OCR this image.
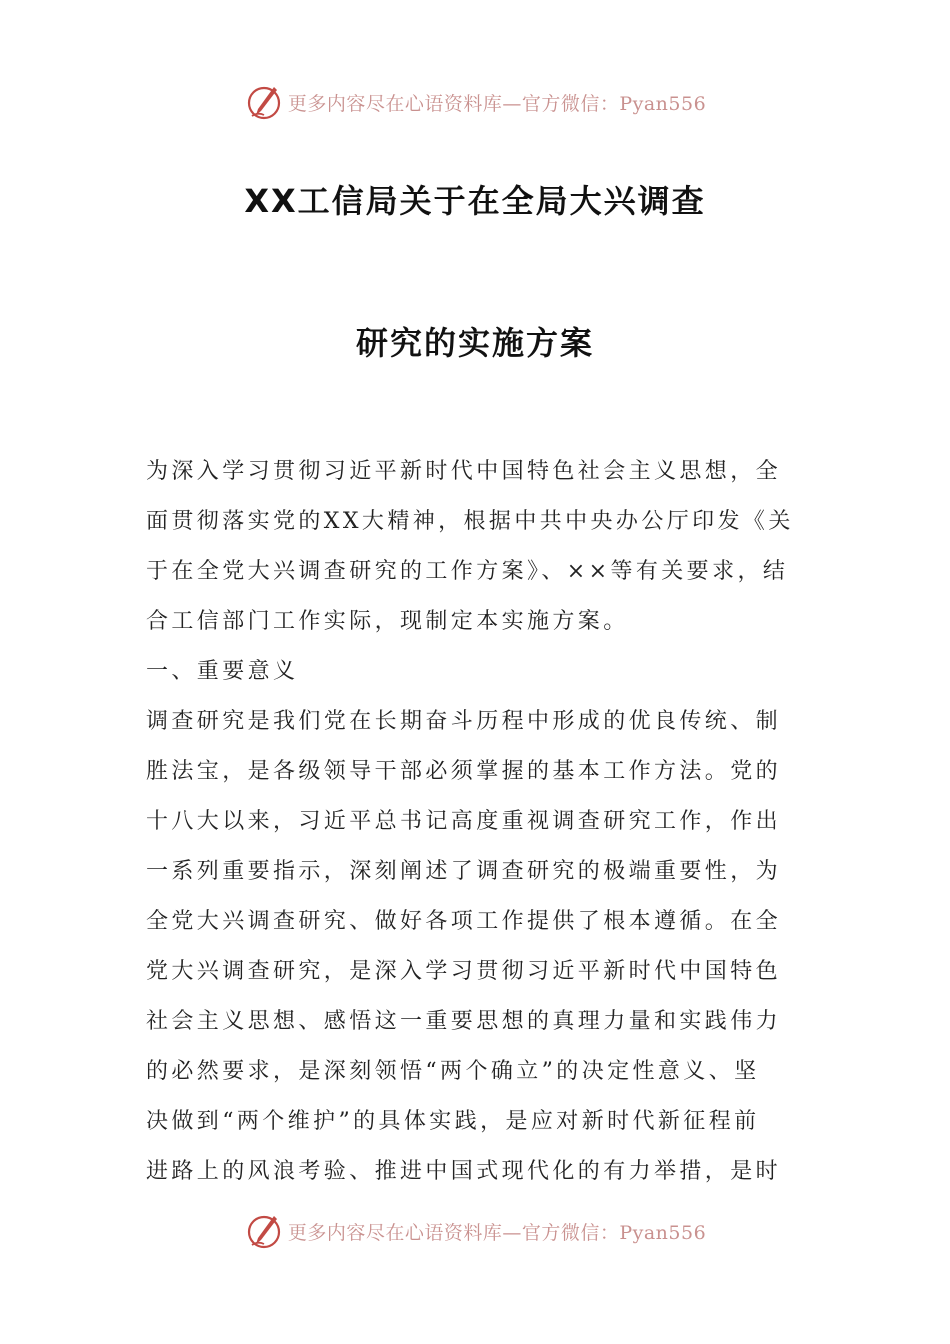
更多内容尽在心语资料库—官方微信：Pyan556
XX工信局关于在全局大兴调查
研究的实施方案
为深入学习贯彻习近平新时代中国特色社会主义思想，全
面贯彻落实党的XX大精神，根据中共中央办公厅印发《关
于在全党大兴调查研究的工作方案》、××等有关要求，结
合工信部门工作实际，现制定本实施方案。
一、重要意义
调查研究是我们党在长期奋斗历程中形成的优良传统、制
胜法宝，是各级领导干部必须掌握的基本工作方法。党的
十八大以来，习近平总书记高度重视调查研究工作，作出
一系列重要指示，深刻阐述了调查研究的极端重要性，为
全党大兴调查研究、做好各项工作提供了根本遵循。在全
党大兴调查研究，是深入学习贯彻习近平新时代中国特色
社会主义思想、感悟这一重要思想的真理力量和实践伟力
的必然要求，是深刻领悟“两个确立”的决定性意义、坚
决做到“两个维护”的具体实践，是应对新时代新征程前
进路上的风浪考验、推进中国式现代化的有力举措，是时
更多内容尽在心语资料库—官方微信：Pyan556
